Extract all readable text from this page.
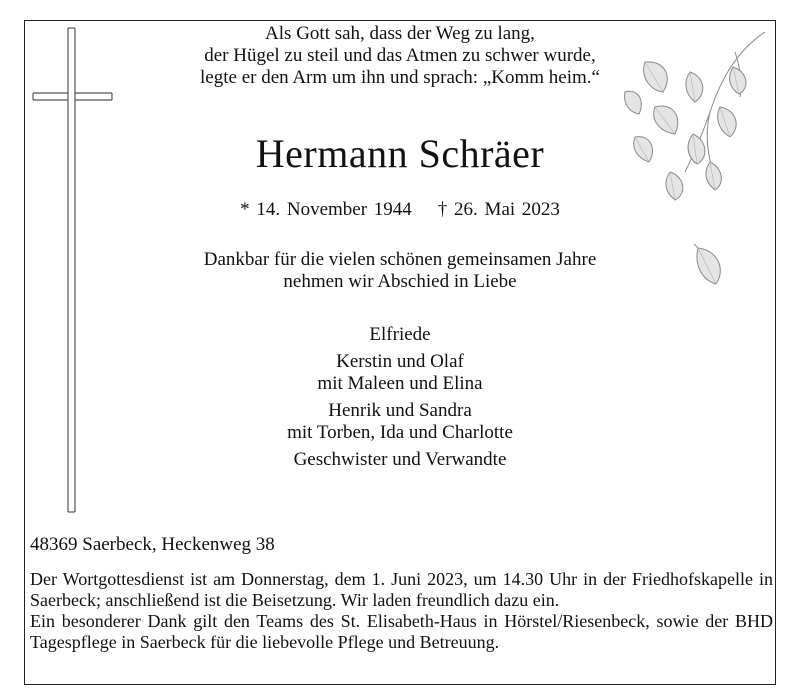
Als Gott sah, dass der Weg zu lang,
der Hügel zu steil und das Atmen zu schwer wurde,
legte er den Arm um ihn und sprach: „Komm heim.“
Hermann Schräer
* 14. November 1944 † 26. Mai 2023
Dankbar für die vielen schönen gemeinsamen Jahre
nehmen wir Abschied in Liebe
Elfriede
Kerstin und Olaf
mit Maleen und Elina
Henrik und Sandra
mit Torben, Ida und Charlotte
Geschwister und Verwandte
48369 Saerbeck, Heckenweg 38

Der Wortgottesdienst ist am Donnerstag, dem 1. Juni 2023, um 14.30 Uhr in der Friedhofskapelle in Saerbeck; anschließend ist die Beisetzung. Wir laden freundlich dazu ein.

Ein besonderer Dank gilt den Teams des St. Elisabeth-Haus in Hörstel/Riesenbeck, sowie der BHD Tagespflege in Saerbeck für die liebevolle Pflege und Betreuung.
